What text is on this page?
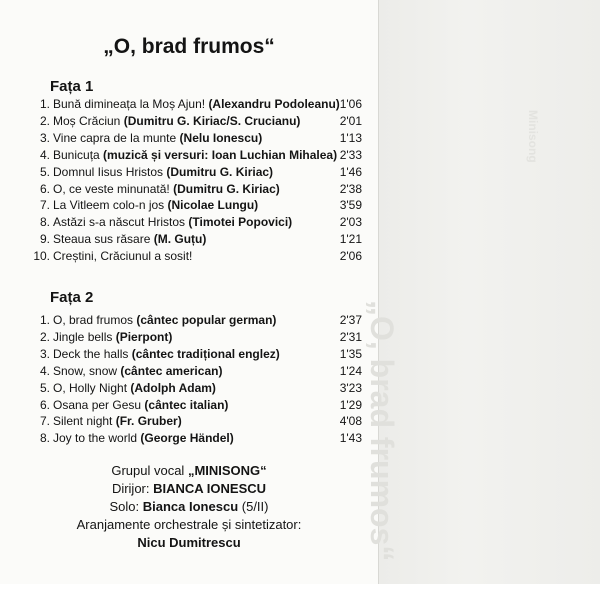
„O, brad frumos“
Minisong
„O, brad frumos“
Fața 1
1. Bună dimineața la Moș Ajun! (Alexandru Podoleanu) 1'06
2. Moș Crăciun (Dumitru G. Kiriac/S. Crucianu)	2'01
3. Vine capra de la munte (Nelu Ionescu)	1'13
4. Bunicuța (muzică și versuri: Ioan Luchian Mihalea) 2'33
5. Domnul Iisus Hristos (Dumitru G. Kiriac)	1'46
6. O, ce veste minunată! (Dumitru G. Kiriac)	2'38
7. La Vitleem colo-n jos (Nicolae Lungu)	3'59
8. Astăzi s-a născut Hristos (Timotei Popovici)	2'03
9. Steaua sus răsare (M. Guțu)	1'21
10. Creștini, Crăciunul a sosit!	2'06
Fața 2
1. O, brad frumos (cântec popular german)	2'37
2. Jingle bells (Pierpont)	2'31
3. Deck the halls (cântec tradițional englez)	1'35
4. Snow, snow (cântec american)	1'24
5. O, Holly Night (Adolph Adam)	3'23
6. Osana per Gesu (cântec italian)	1'29
7. Silent night (Fr. Gruber)	4'08
8. Joy to the world (George Händel)	1'43
Grupul vocal „MINISONG“
Dirijor: BIANCA IONESCU
Solo: Bianca Ionescu (5/II)
Aranjamente orchestrale și sintetizator:
Nicu Dumitrescu
